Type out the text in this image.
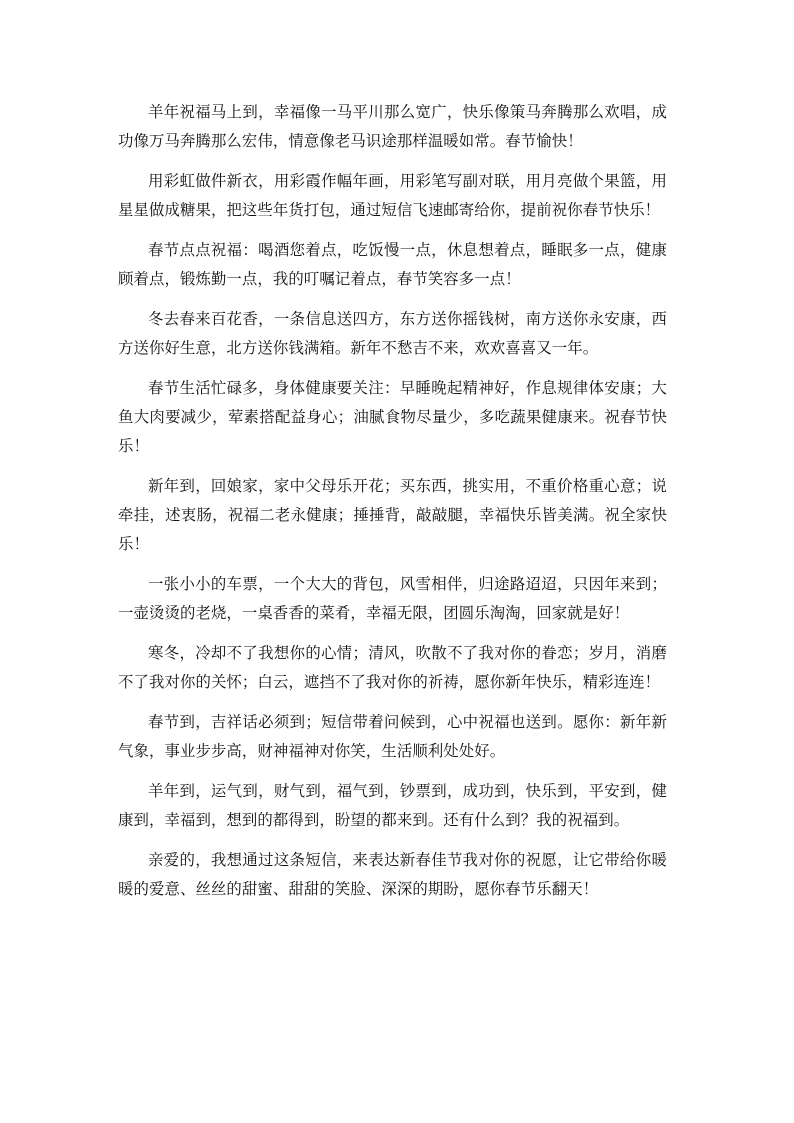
羊年祝福马上到，幸福像一马平川那么宽广，快乐像策马奔腾那么欢唱，成功像万马奔腾那么宏伟，情意像老马识途那样温暖如常。春节愉快！

用彩虹做件新衣，用彩霞作幅年画，用彩笔写副对联，用月亮做个果篮，用星星做成糖果，把这些年货打包，通过短信飞速邮寄给你，提前祝你春节快乐！

春节点点祝福：喝酒您着点，吃饭慢一点，休息想着点，睡眠多一点，健康顾着点，锻炼勤一点，我的叮嘱记着点，春节笑容多一点！

冬去春来百花香，一条信息送四方，东方送你摇钱树，南方送你永安康，西方送你好生意，北方送你钱满箱。新年不愁吉不来，欢欢喜喜又一年。

春节生活忙碌多，身体健康要关注：早睡晚起精神好，作息规律体安康；大鱼大肉要减少，荤素搭配益身心；油腻食物尽量少，多吃蔬果健康来。祝春节快乐！

新年到，回娘家，家中父母乐开花；买东西，挑实用，不重价格重心意；说牵挂，述衷肠，祝福二老永健康；捶捶背，敲敲腿，幸福快乐皆美满。祝全家快乐！

一张小小的车票，一个大大的背包，风雪相伴，归途路迢迢，只因年来到；一壶烫烫的老烧，一桌香香的菜肴，幸福无限，团圆乐淘淘，回家就是好！

寒冬，冷却不了我想你的心情；清风，吹散不了我对你的眷恋；岁月，消磨不了我对你的关怀；白云，遮挡不了我对你的祈祷，愿你新年快乐，精彩连连！

春节到，吉祥话必须到；短信带着问候到，心中祝福也送到。愿你：新年新气象，事业步步高，财神福神对你笑，生活顺利处处好。

羊年到，运气到，财气到，福气到，钞票到，成功到，快乐到，平安到，健康到，幸福到，想到的都得到，盼望的都来到。还有什么到？我的祝福到。

亲爱的，我想通过这条短信，来表达新春佳节我对你的祝愿，让它带给你暖暖的爱意、丝丝的甜蜜、甜甜的笑脸、深深的期盼，愿你春节乐翻天！
